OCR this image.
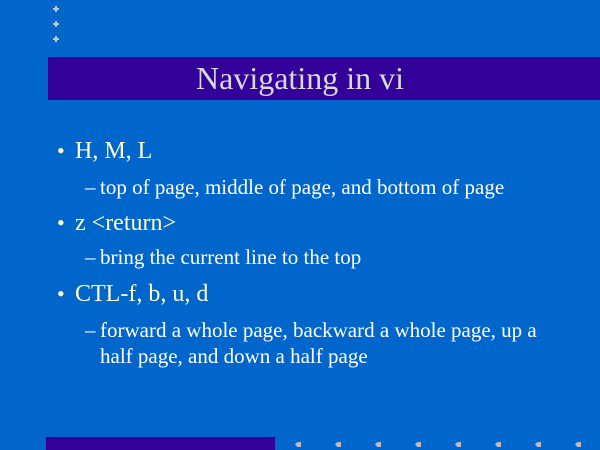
Navigating in vi
• H, M, L
– top of page, middle of page, and bottom of page
• z <return>
– bring the current line to the top
• CTL-f, b, u, d
– forward a whole page, backward a whole page, up a half page, and down a half page
